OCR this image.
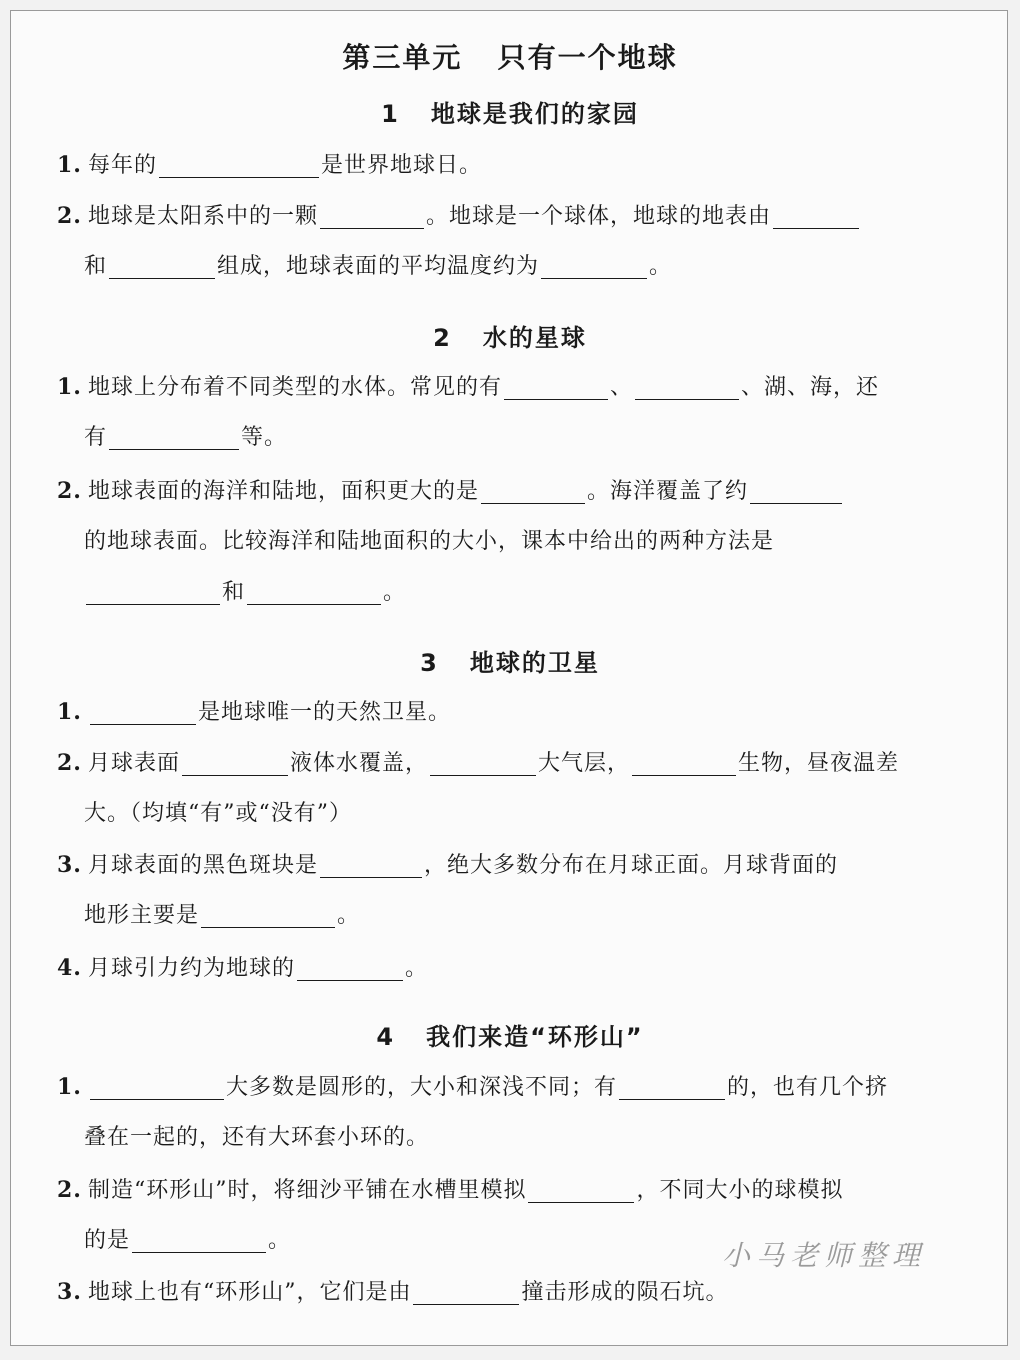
第三单元   只有一个地球
1   地球是我们的家园
1. 每年的	是世界地球日。
2. 地球是太阳系中的一颗	。地球是一个球体，地球的地表由
和	组成，地球表面的平均温度约为	。
2   水的星球
1. 地球上分布着不同类型的水体。常见的有	、	、湖、海，还
有	等。
2. 地球表面的海洋和陆地，面积更大的是	。海洋覆盖了约
的地球表面。比较海洋和陆地面积的大小，课本中给出的两种方法是
和	。
3   地球的卫星
1.	是地球唯一的天然卫星。
2. 月球表面	液体水覆盖，	大气层，	生物，昼夜温差
大。（均填“有”或“没有”）
3. 月球表面的黑色斑块是	，绝大多数分布在月球正面。月球背面的
地形主要是	。
4. 月球引力约为地球的	。
4   我们来造“环形山”
1.	大多数是圆形的，大小和深浅不同；有	的，也有几个挤
叠在一起的，还有大环套小环的。
2. 制造“环形山”时，将细沙平铺在水槽里模拟	，不同大小的球模拟
的是	。
3. 地球上也有“环形山”，它们是由	撞击形成的陨石坑。
小马老师整理
